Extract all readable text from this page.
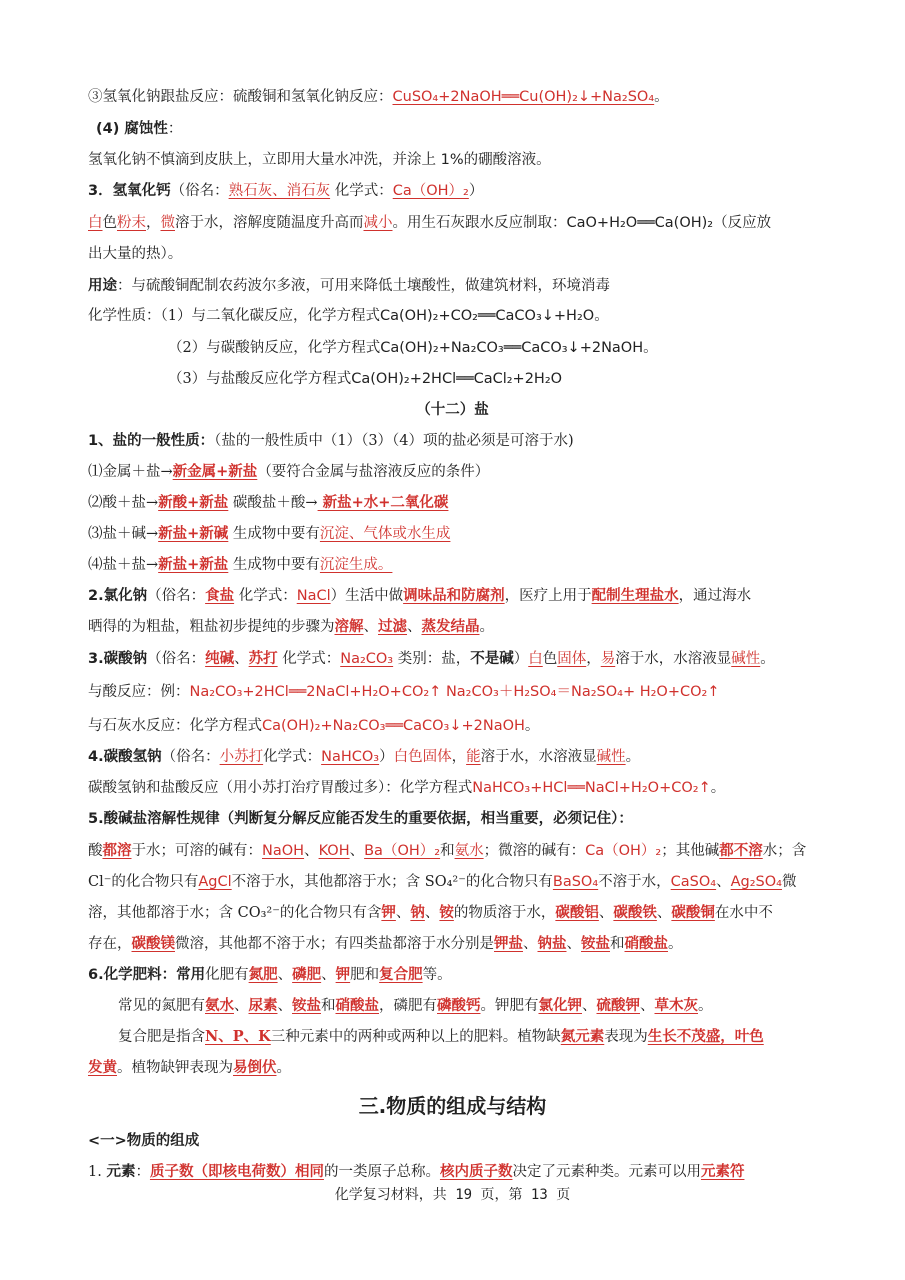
③氢氧化钠跟盐反应：硫酸铜和氢氧化钠反应：CuSO₄+2NaOH══Cu(OH)₂↓+Na₂SO₄。
(4) 腐蚀性：
氢氧化钠不慎滴到皮肤上，立即用大量水冲洗，并涂上 1%的硼酸溶液。
3．氢氧化钙（俗名：熟石灰、消石灰 化学式：Ca（OH）₂）
白色粉末，微溶于水，溶解度随温度升高而减小。用生石灰跟水反应制取：CaO+H₂O══Ca(OH)₂（反应放
出大量的热）。
用途：与硫酸铜配制农药波尔多液，可用来降低土壤酸性，做建筑材料，环境消毒
化学性质：（1）与二氧化碳反应，化学方程式Ca(OH)₂+CO₂══CaCO₃↓+H₂O。
（2）与碳酸钠反应，化学方程式Ca(OH)₂+Na₂CO₃══CaCO₃↓+2NaOH。
（3）与盐酸反应化学方程式Ca(OH)₂+2HCl══CaCl₂+2H₂O
（十二）盐
1、盐的一般性质：（盐的一般性质中（1）（3）（4）项的盐必须是可溶于水)
⑴金属＋盐→新金属+新盐（要符合金属与盐溶液反应的条件）
⑵酸＋盐→新酸+新盐 碳酸盐＋酸→ 新盐+水+二氧化碳
⑶盐＋碱→新盐+新碱 生成物中要有沉淀、气体或水生成
⑷盐＋盐→新盐+新盐 生成物中要有沉淀生成。
2.氯化钠（俗名：食盐 化学式：NaCl）生活中做调味品和防腐剂，医疗上用于配制生理盐水，通过海水
晒得的为粗盐，粗盐初步提纯的步骤为溶解、过滤、蒸发结晶。
3.碳酸钠（俗名：纯碱、苏打 化学式：Na₂CO₃ 类别：盐，不是碱）白色固体，易溶于水，水溶液显碱性。
与酸反应：例：Na₂CO₃+2HCl══2NaCl+H₂O+CO₂↑ Na₂CO₃＋H₂SO₄＝Na₂SO₄+ H₂O+CO₂↑
与石灰水反应：化学方程式Ca(OH)₂+Na₂CO₃══CaCO₃↓+2NaOH。
4.碳酸氢钠（俗名：小苏打化学式：NaHCO₃）白色固体，能溶于水，水溶液显碱性。
碳酸氢钠和盐酸反应（用小苏打治疗胃酸过多）：化学方程式NaHCO₃+HCl══NaCl+H₂O+CO₂↑。
5.酸碱盐溶解性规律（判断复分解反应能否发生的重要依据，相当重要，必须记住）：
酸都溶于水；可溶的碱有：NaOH、KOH、Ba（OH）₂和氨水；微溶的碱有：Ca（OH）₂；其他碱都不溶水；含
Cl⁻的化合物只有AgCl不溶于水，其他都溶于水；含 SO₄²⁻的化合物只有BaSO₄不溶于水，CaSO₄、Ag₂SO₄微
溶，其他都溶于水；含 CO₃²⁻的化合物只有含钾、钠、铵的物质溶于水，碳酸铝、碳酸铁、碳酸铜在水中不
存在，碳酸镁微溶，其他都不溶于水；有四类盐都溶于水分别是钾盐、钠盐、铵盐和硝酸盐。
6.化学肥料：常用化肥有氮肥、磷肥、钾肥和复合肥等。
常见的氮肥有氨水、尿素、铵盐和硝酸盐，磷肥有磷酸钙。钾肥有氯化钾、硫酸钾、草木灰。
复合肥是指含N、P、K三种元素中的两种或两种以上的肥料。植物缺氮元素表现为生长不茂盛，叶色
发黄。植物缺钾表现为易倒伏。
三.物质的组成与结构
<一>物质的组成
1. 元素：质子数（即核电荷数）相同的一类原子总称。核内质子数决定了元素种类。元素可以用元素符
化学复习材料，共 19 页，第 13 页
